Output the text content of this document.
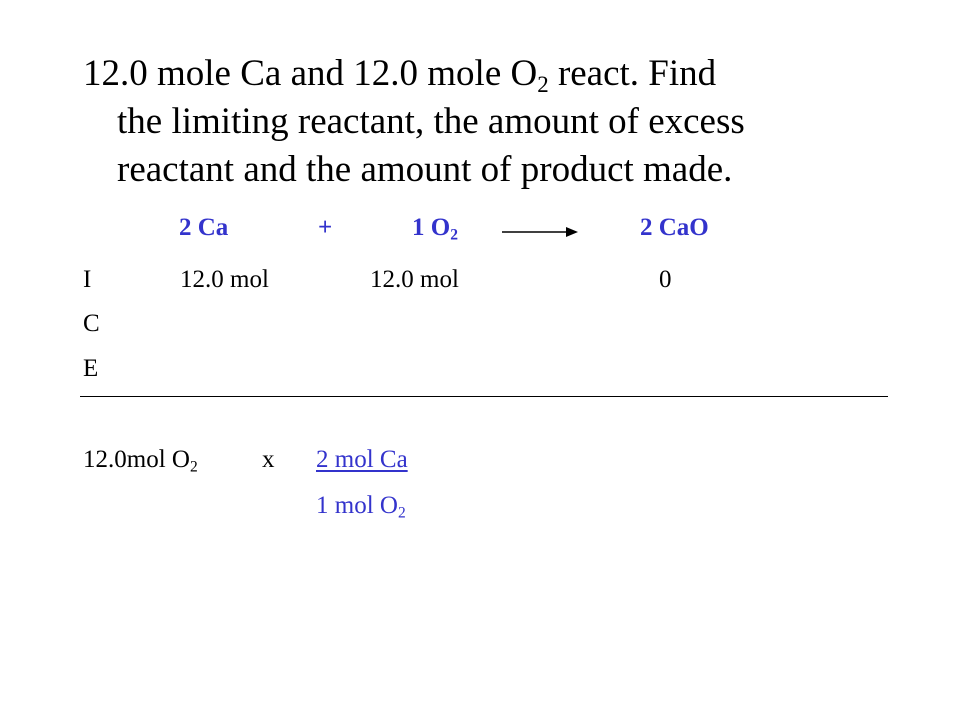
12.0 mole Ca and 12.0 mole $O_2$ react. Find
the limiting reactant, the amount of excess
reactant and the amount of product made.
2 Ca	+	1 $O_2$	2 CaO
I	12.0 mol	12.0 mol	0
C
E
12.0mol $O_2$	x 2 mol Ca
1 mol $O_2$
